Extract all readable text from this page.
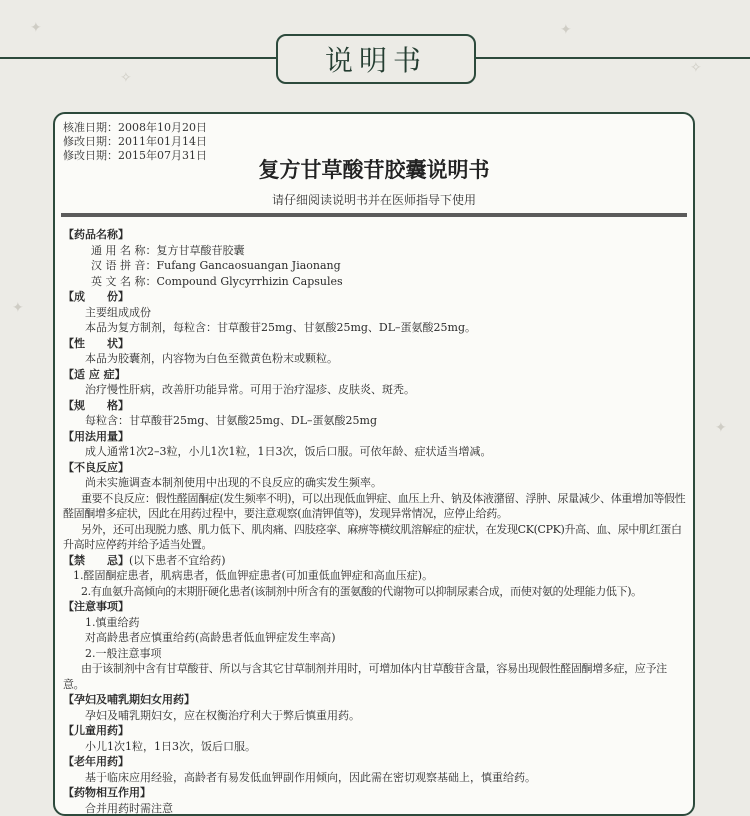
✦
✧
✦
✧
✦
✦
说明书
核准日期：2008年10月20日
修改日期：2011年01月14日
修改日期：2015年07月31日
复方甘草酸苷胶囊说明书
请仔细阅读说明书并在医师指导下使用
【药品名称】
通 用 名 称：复方甘草酸苷胶囊
汉 语 拼 音：Fufang Gancaosuangan Jiaonang
英 文 名 称：Compound Glycyrrhizin Capsules
【成　　份】
主要组成成份
本品为复方制剂，每粒含：甘草酸苷25mg、甘氨酸25mg、DL–蛋氨酸25mg。
【性　　状】
本品为胶囊剂，内容物为白色至微黄色粉末或颗粒。
【适 应 症】
治疗慢性肝病，改善肝功能异常。可用于治疗湿疹、皮肤炎、斑秃。
【规　　格】
每粒含：甘草酸苷25mg、甘氨酸25mg、DL–蛋氨酸25mg
【用法用量】
成人通常1次2–3粒，小儿1次1粒，1日3次，饭后口服。可依年龄、症状适当增减。
【不良反应】
尚未实施调查本制剂使用中出现的不良反应的确实发生频率。
重要不良反应：假性醛固酮症(发生频率不明)，可以出现低血钾症、血压上升、钠及体液潴留、浮肿、尿量减少、体重增加等假性醛固酮增多症状，因此在用药过程中，要注意观察(血清钾值等)，发现异常情况，应停止给药。
另外，还可出现脱力感、肌力低下、肌肉痛、四肢痉挛、麻痹等横纹肌溶解症的症状，在发现CK(CPK)升高、血、尿中肌红蛋白升高时应停药并给予适当处置。
【禁　　忌】(以下患者不宜给药)
1.醛固酮症患者，肌病患者，低血钾症患者(可加重低血钾症和高血压症)。
2.有血氨升高倾向的末期肝硬化患者(该制剂中所含有的蛋氨酸的代谢物可以抑制尿素合成，而使对氨的处理能力低下)。
【注意事项】
1.慎重给药
对高龄患者应慎重给药(高龄患者低血钾症发生率高)
2.一般注意事项
由于该制剂中含有甘草酸苷、所以与含其它甘草制剂并用时，可增加体内甘草酸苷含量，容易出现假性醛固酮增多症，应予注意。
【孕妇及哺乳期妇女用药】
孕妇及哺乳期妇女，应在权衡治疗利大于弊后慎重用药。
【儿童用药】
小儿1次1粒，1日3次，饭后口服。
【老年用药】
基于临床应用经验，高龄者有易发低血钾副作用倾向，因此需在密切观察基础上，慎重给药。
【药物相互作用】
合并用药时需注意
